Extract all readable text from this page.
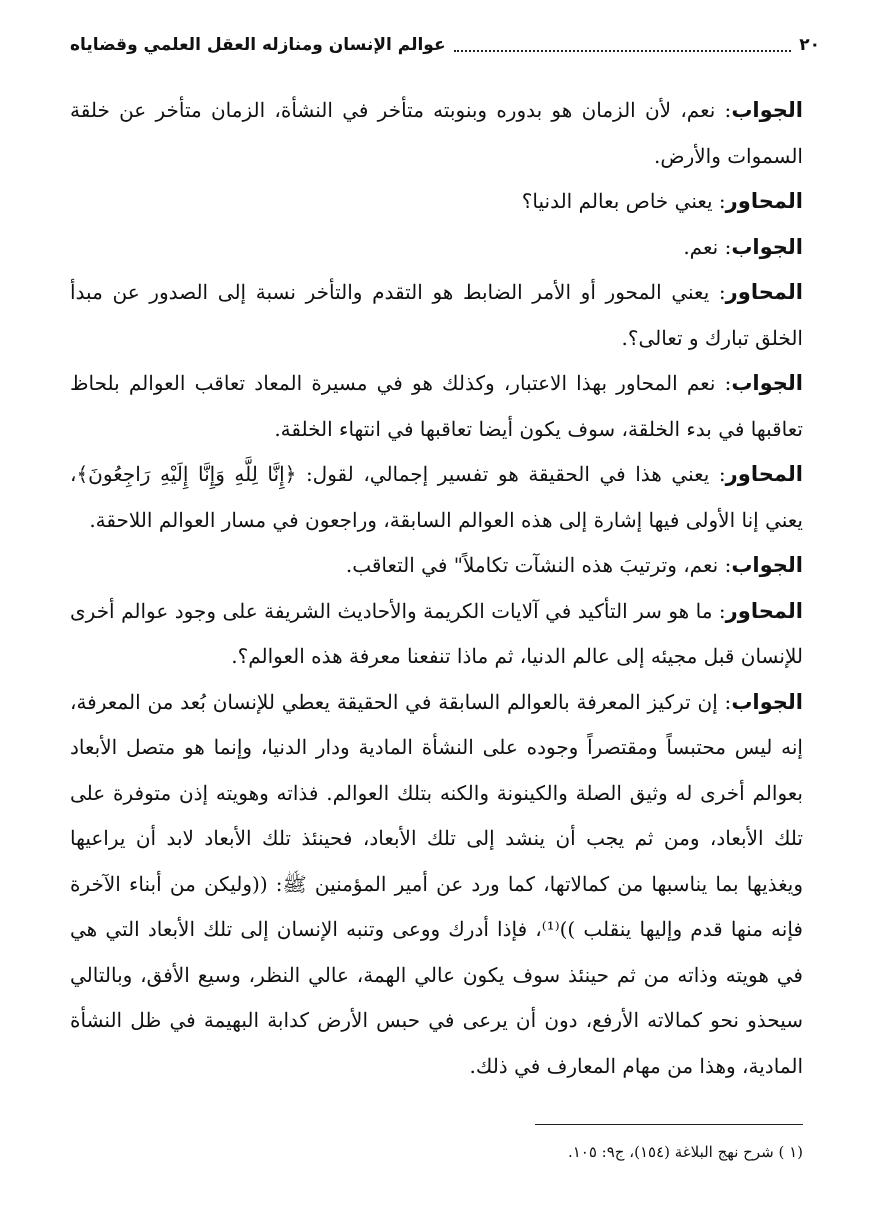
٢٠
عوالم الإنسان ومنازله العقل العلمي وقضاياه

الجواب: نعم، لأن الزمان هو بدوره وبنوبته متأخر في النشأة، الزمان متأخر عن خلقة السموات والأرض.

المحاور: يعني خاص بعالم الدنيا؟

الجواب: نعم.

المحاور: يعني المحور أو الأمر الضابط هو التقدم والتأخر نسبة إلى الصدور عن مبدأ الخلق تبارك و تعالى؟.

الجواب: نعم المحاور بهذا الاعتبار، وكذلك هو في مسيرة المعاد تعاقب العوالم بلحاظ تعاقبها في بدء الخلقة، سوف يكون أيضا تعاقبها في انتهاء الخلقة.

المحاور: يعني هذا في الحقيقة هو تفسير إجمالي، لقول: ﴿إِنَّا لِلَّهِ وَإِنَّا إِلَيْهِ رَاجِعُونَ﴾، يعني إنا الأولى فيها إشارة إلى هذه العوالم السابقة، وراجعون في مسار العوالم اللاحقة.

الجواب: نعم، وترتيبَ هذه النشآت تكاملاً" في التعاقب.

المحاور: ما هو سر التأكيد في آلايات الكريمة والأحاديث الشريفة على وجود عوالم أخرى للإنسان قبل مجيئه إلى عالم الدنيا، ثم ماذا تنفعنا معرفة هذه العوالم؟.

الجواب: إن تركيز المعرفة بالعوالم السابقة في الحقيقة يعطي للإنسان بُعد من المعرفة، إنه ليس محتبساً ومقتصراً وجوده على النشأة المادية ودار الدنيا، وإنما هو متصل الأبعاد بعوالم أخرى له وثيق الصلة والكينونة والكنه بتلك العوالم. فذاته وهويته إذن متوفرة على تلك الأبعاد، ومن ثم يجب أن ينشد إلى تلك الأبعاد، فحينئذ تلك الأبعاد لابد أن يراعيها ويغذيها بما يناسبها من كمالاتها، كما ورد عن أمير المؤمنين ﷺ: ((وليكن من أبناء الآخرة فإنه منها قدم وإليها ينقلب ))⁽¹⁾، فإذا أدرك ووعى وتنبه الإنسان إلى تلك الأبعاد التي هي في هويته وذاته من ثم حينئذ سوف يكون عالي الهمة، عالي النظر، وسيع الأفق، وبالتالي سيحذو نحو كمالاته الأرفع، دون أن يرعى في حبس الأرض كدابة البهيمة في ظل النشأة المادية، وهذا من مهام المعارف في ذلك.

(١ ) شرح نهج البلاغة (١٥٤)، ج٩: ١٠٥.
